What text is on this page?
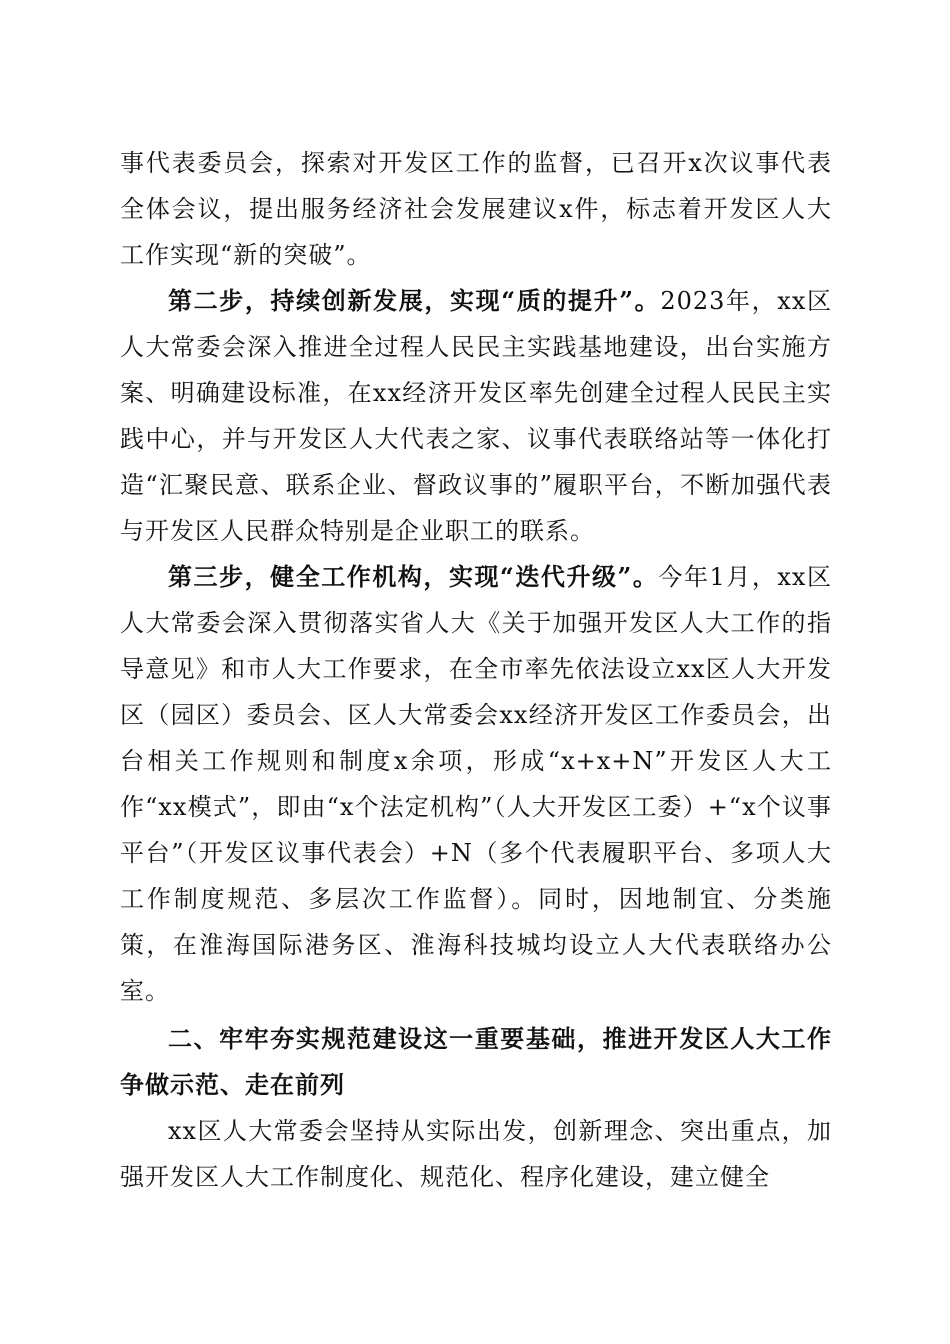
事代表委员会，探索对开发区工作的监督，已召开x次议事代表全体会议，提出服务经济社会发展建议x件，标志着开发区人大工作实现“新的突破”。

第二步，持续创新发展，实现“质的提升”。2023年，xx区人大常委会深入推进全过程人民民主实践基地建设，出台实施方案、明确建设标准，在xx经济开发区率先创建全过程人民民主实践中心，并与开发区人大代表之家、议事代表联络站等一体化打造“汇聚民意、联系企业、督政议事的”履职平台，不断加强代表与开发区人民群众特别是企业职工的联系。

第三步，健全工作机构，实现“迭代升级”。今年1月，xx区人大常委会深入贯彻落实省人大《关于加强开发区人大工作的指导意见》和市人大工作要求，在全市率先依法设立xx区人大开发区（园区）委员会、区人大常委会xx经济开发区工作委员会，出台相关工作规则和制度x余项，形成“x+x+N”开发区人大工作“xx模式”，即由“x个法定机构”（人大开发区工委）+“x个议事平台”（开发区议事代表会）+N（多个代表履职平台、多项人大工作制度规范、多层次工作监督）。同时，因地制宜、分类施策，在淮海国际港务区、淮海科技城均设立人大代表联络办公室。

二、牢牢夯实规范建设这一重要基础，推进开发区人大工作争做示范、走在前列

xx区人大常委会坚持从实际出发，创新理念、突出重点，加强开发区人大工作制度化、规范化、程序化建设，建立健全
